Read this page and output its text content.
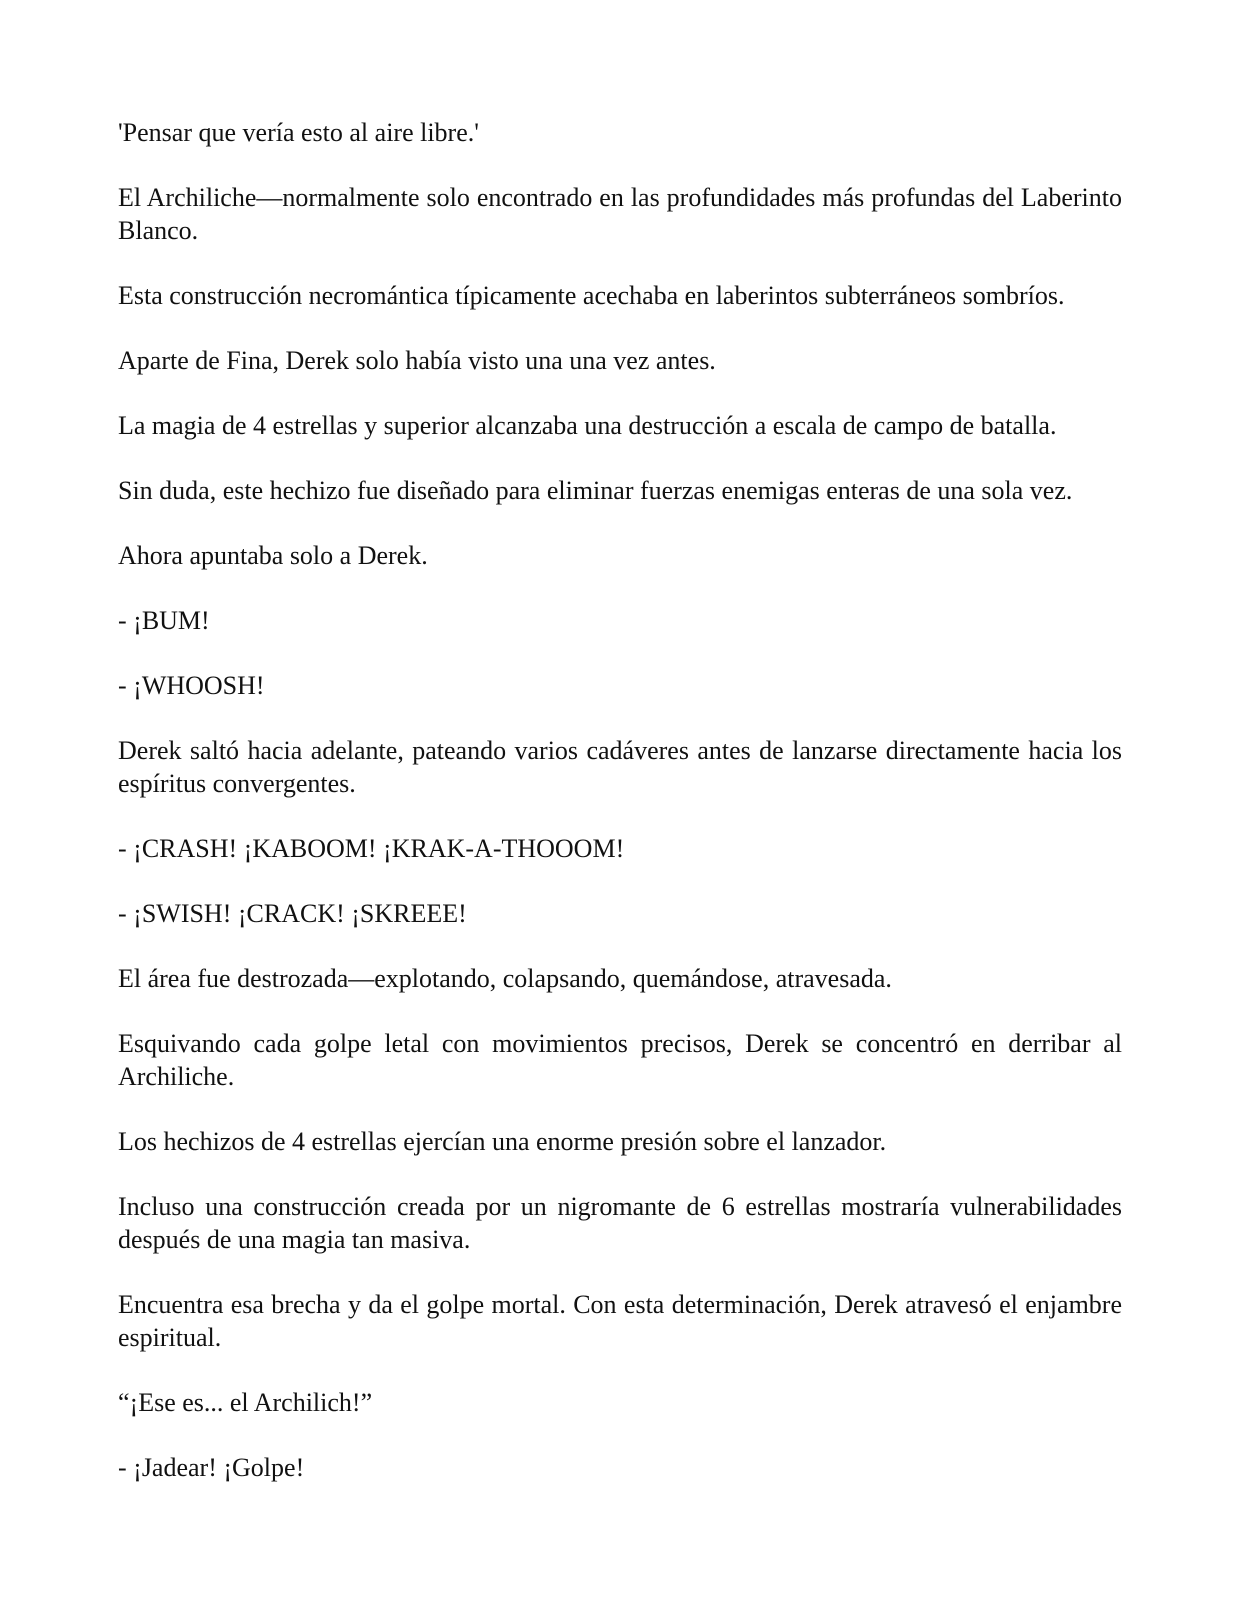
'Pensar que vería esto al aire libre.'

El Archiliche—normalmente solo encontrado en las profundidades más profundas del Laberinto Blanco.

Esta construcción necromántica típicamente acechaba en laberintos subterráneos sombríos.

Aparte de Fina, Derek solo había visto una una vez antes.

La magia de 4 estrellas y superior alcanzaba una destrucción a escala de campo de batalla.

Sin duda, este hechizo fue diseñado para eliminar fuerzas enemigas enteras de una sola vez.

Ahora apuntaba solo a Derek.

- ¡BUM!

- ¡WHOOSH!

Derek saltó hacia adelante, pateando varios cadáveres antes de lanzarse directamente hacia los espíritus convergentes.

- ¡CRASH! ¡KABOOM! ¡KRAK-A-THOOOM!

- ¡SWISH! ¡CRACK! ¡SKREEE!

El área fue destrozada—explotando, colapsando, quemándose, atravesada.

Esquivando cada golpe letal con movimientos precisos, Derek se concentró en derribar al Archiliche.

Los hechizos de 4 estrellas ejercían una enorme presión sobre el lanzador.

Incluso una construcción creada por un nigromante de 6 estrellas mostraría vulnerabilidades después de una magia tan masiva.

Encuentra esa brecha y da el golpe mortal. Con esta determinación, Derek atravesó el enjambre espiritual.

“¡Ese es... el Archilich!”

- ¡Jadear! ¡Golpe!
